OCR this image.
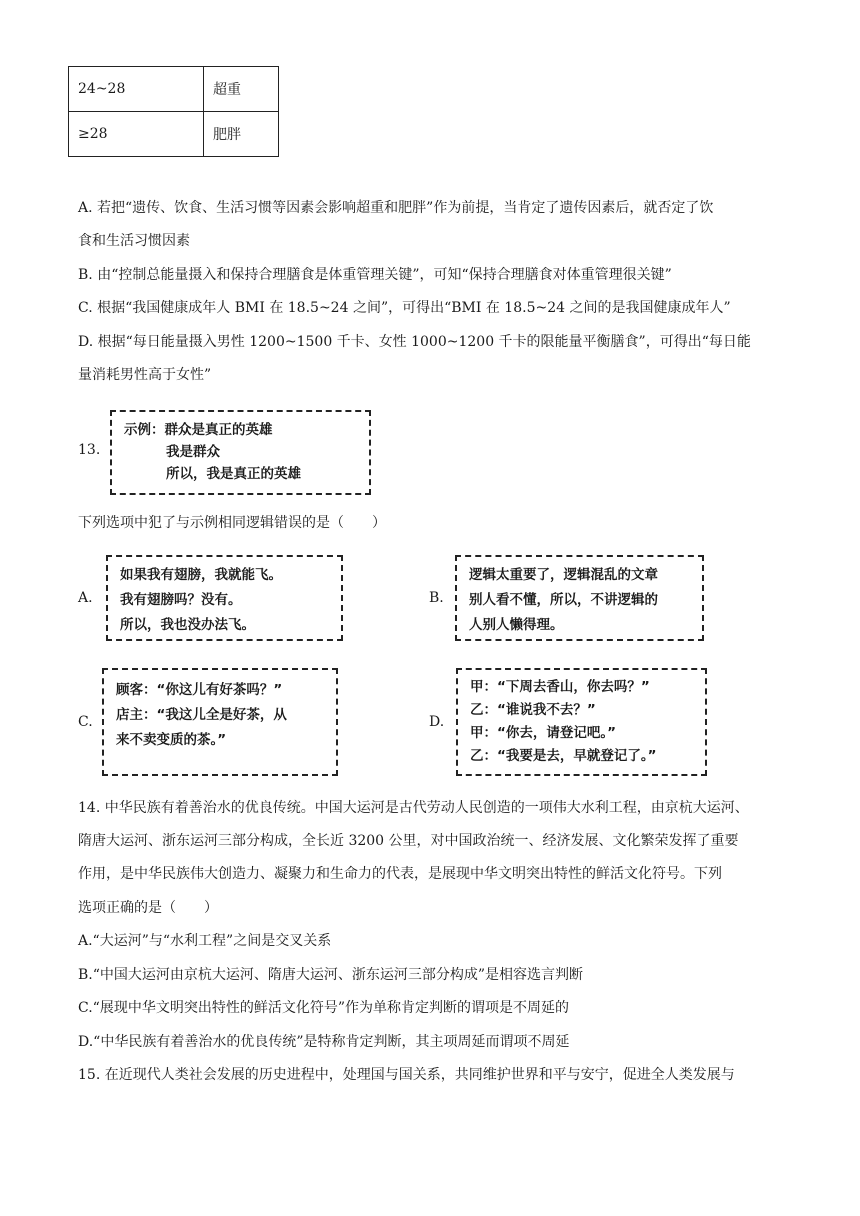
24~28	超重
≥28	肥胖
A. 若把“遗传、饮食、生活习惯等因素会影响超重和肥胖”作为前提，当肯定了遗传因素后，就否定了饮
食和生活习惯因素
B. 由“控制总能量摄入和保持合理膳食是体重管理关键”，可知“保持合理膳食对体重管理很关键”
C. 根据“我国健康成年人 BMI 在 18.5~24 之间”，可得出“BMI 在 18.5~24 之间的是我国健康成年人”
D. 根据“每日能量摄入男性 1200~1500 千卡、女性 1000~1200 千卡的限能量平衡膳食”，可得出“每日能
量消耗男性高于女性”
13.
示例：群众是真正的英雄
我是群众
所以，我是真正的英雄
下列选项中犯了与示例相同逻辑错误的是（　　）
A.
如果我有翅膀，我就能飞。
我有翅膀吗？没有。
所以，我也没办法飞。
B.
逻辑太重要了，逻辑混乱的文章
别人看不懂，所以，不讲逻辑的
人别人懒得理。
C.
顾客：“你这儿有好茶吗？”
店主：“我这儿全是好茶，从
来不卖变质的茶。”
D.
甲：“下周去香山，你去吗？”
乙：“谁说我不去？”
甲：“你去，请登记吧。”
乙：“我要是去，早就登记了。”
14. 中华民族有着善治水的优良传统。中国大运河是古代劳动人民创造的一项伟大水利工程，由京杭大运河、
隋唐大运河、浙东运河三部分构成，全长近 3200 公里，对中国政治统一、经济发展、文化繁荣发挥了重要
作用，是中华民族伟大创造力、凝聚力和生命力的代表，是展现中华文明突出特性的鲜活文化符号。下列
选项正确的是（　　）
A.“大运河”与“水利工程”之间是交叉关系
B.“中国大运河由京杭大运河、隋唐大运河、浙东运河三部分构成”是相容选言判断
C.“展现中华文明突出特性的鲜活文化符号”作为单称肯定判断的谓项是不周延的
D.“中华民族有着善治水的优良传统”是特称肯定判断，其主项周延而谓项不周延
15. 在近现代人类社会发展的历史进程中，处理国与国关系，共同维护世界和平与安宁，促进全人类发展与
